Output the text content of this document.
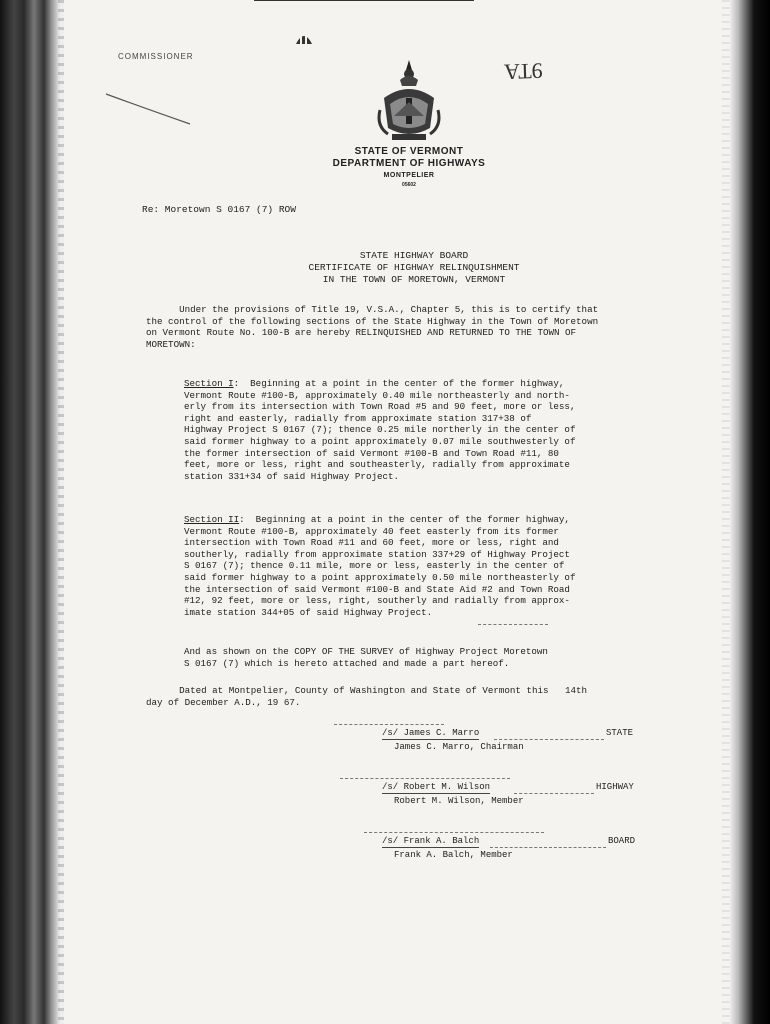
COMMISSIONER
9TA
STATE OF VERMONT
DEPARTMENT OF HIGHWAYS
MONTPELIER
05602
Re: Moretown S 0167 (7) ROW
STATE HIGHWAY BOARD
CERTIFICATE OF HIGHWAY RELINQUISHMENT
IN THE TOWN OF MORETOWN, VERMONT
Under the provisions of Title 19, V.S.A., Chapter 5, this is to certify that
the control of the following sections of the State Highway in the Town of Moretown
on Vermont Route No. 100-B are hereby RELINQUISHED AND RETURNED TO THE TOWN OF
MORETOWN:
Section I:  Beginning at a point in the center of the former highway,
Vermont Route #100-B, approximately 0.40 mile northeasterly and north-
erly from its intersection with Town Road #5 and 90 feet, more or less,
right and easterly, radially from approximate station 317+38 of
Highway Project S 0167 (7); thence 0.25 mile northerly in the center of
said former highway to a point approximately 0.07 mile southwesterly of
the former intersection of said Vermont #100-B and Town Road #11, 80
feet, more or less, right and southeasterly, radially from approximate
station 331+34 of said Highway Project.
Section II:  Beginning at a point in the center of the former highway,
Vermont Route #100-B, approximately 40 feet easterly from its former
intersection with Town Road #11 and 60 feet, more or less, right and
southerly, radially from approximate station 337+29 of Highway Project
S 0167 (7); thence 0.11 mile, more or less, easterly in the center of
said former highway to a point approximately 0.50 mile northeasterly of
the intersection of said Vermont #100-B and State Aid #2 and Town Road
#12, 92 feet, more or less, right, southerly and radially from approx-
imate station 344+05 of said Highway Project.
And as shown on the COPY OF THE SURVEY of Highway Project Moretown
S 0167 (7) which is hereto attached and made a part hereof.
Dated at Montpelier, County of Washington and State of Vermont this   14th
day of December A.D., 19 67.
/s/ James C. Marro
James C. Marro, Chairman
STATE
/s/ Robert M. Wilson
Robert M. Wilson, Member
HIGHWAY
/s/ Frank A. Balch
Frank A. Balch, Member
BOARD
